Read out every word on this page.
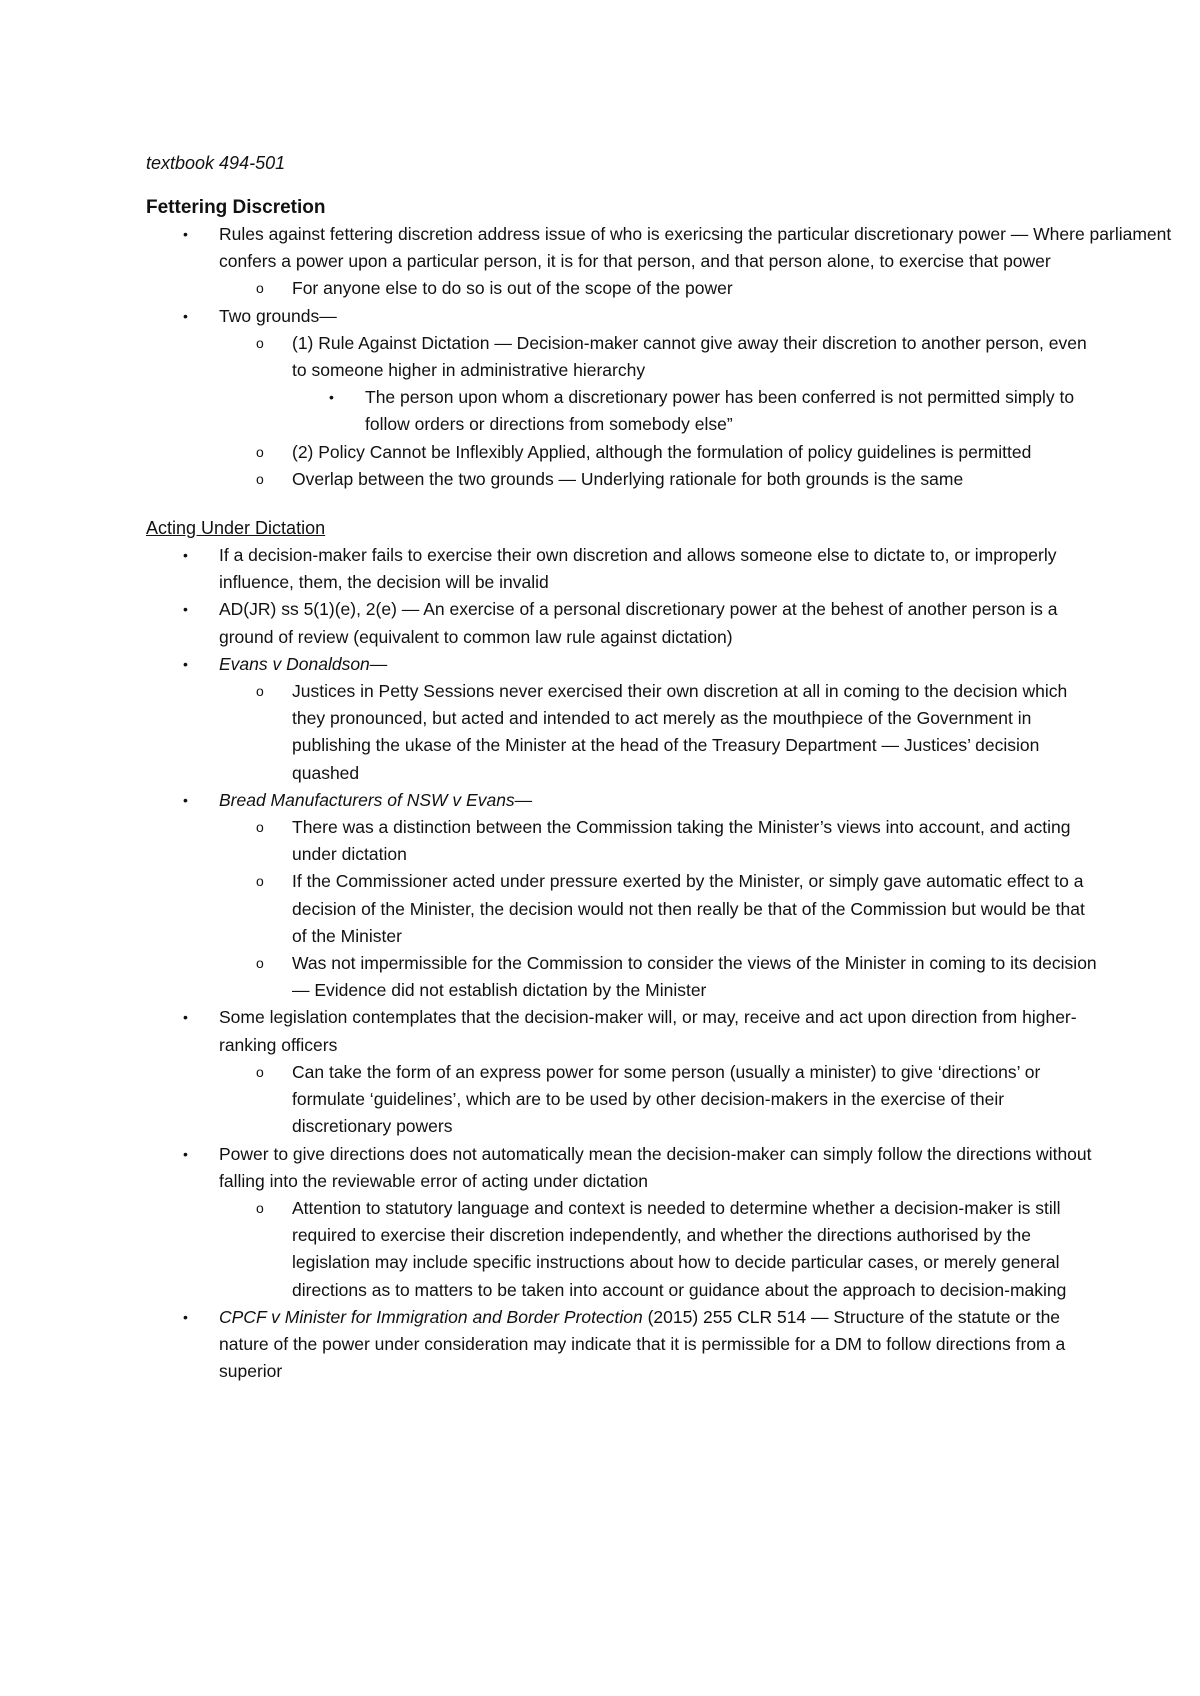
textbook 494-501

Fettering Discretion

• Rules against fettering discretion address issue of who is exericsing the particular discretionary power — Where parliament confers a power upon a particular person, it is for that person, and that person alone, to exercise that power
o For anyone else to do so is out of the scope of the power
• Two grounds—
o (1) Rule Against Dictation — Decision-maker cannot give away their discretion to another person, even to someone higher in administrative hierarchy
• The person upon whom a discretionary power has been conferred is not permitted simply to follow orders or directions from somebody else”
o (2) Policy Cannot be Inflexibly Applied, although the formulation of policy guidelines is permitted
o Overlap between the two grounds — Underlying rationale for both grounds is the same

Acting Under Dictation

• If a decision-maker fails to exercise their own discretion and allows someone else to dictate to, or improperly influence, them, the decision will be invalid
• AD(JR) ss 5(1)(e), 2(e) — An exercise of a personal discretionary power at the behest of another person is a ground of review (equivalent to common law rule against dictation)
• Evans v Donaldson—
o Justices in Petty Sessions never exercised their own discretion at all in coming to the decision which they pronounced, but acted and intended to act merely as the mouthpiece of the Government in publishing the ukase of the Minister at the head of the Treasury Department — Justices’ decision quashed
• Bread Manufacturers of NSW v Evans—
o There was a distinction between the Commission taking the Minister’s views into account, and acting under dictation
o If the Commissioner acted under pressure exerted by the Minister, or simply gave automatic effect to a decision of the Minister, the decision would not then really be that of the Commission but would be that of the Minister
o Was not impermissible for the Commission to consider the views of the Minister in coming to its decision — Evidence did not establish dictation by the Minister
• Some legislation contemplates that the decision-maker will, or may, receive and act upon direction from higher-ranking officers
o Can take the form of an express power for some person (usually a minister) to give ‘directions’ or formulate ‘guidelines’, which are to be used by other decision-makers in the exercise of their discretionary powers
• Power to give directions does not automatically mean the decision-maker can simply follow the directions without falling into the reviewable error of acting under dictation
o Attention to statutory language and context is needed to determine whether a decision-maker is still required to exercise their discretion independently, and whether the directions authorised by the legislation may include specific instructions about how to decide particular cases, or merely general directions as to matters to be taken into account or guidance about the approach to decision-making
• CPCF v Minister for Immigration and Border Protection (2015) 255 CLR 514 — Structure of the statute or the nature of the power under consideration may indicate that it is permissible for a DM to follow directions from a superior
